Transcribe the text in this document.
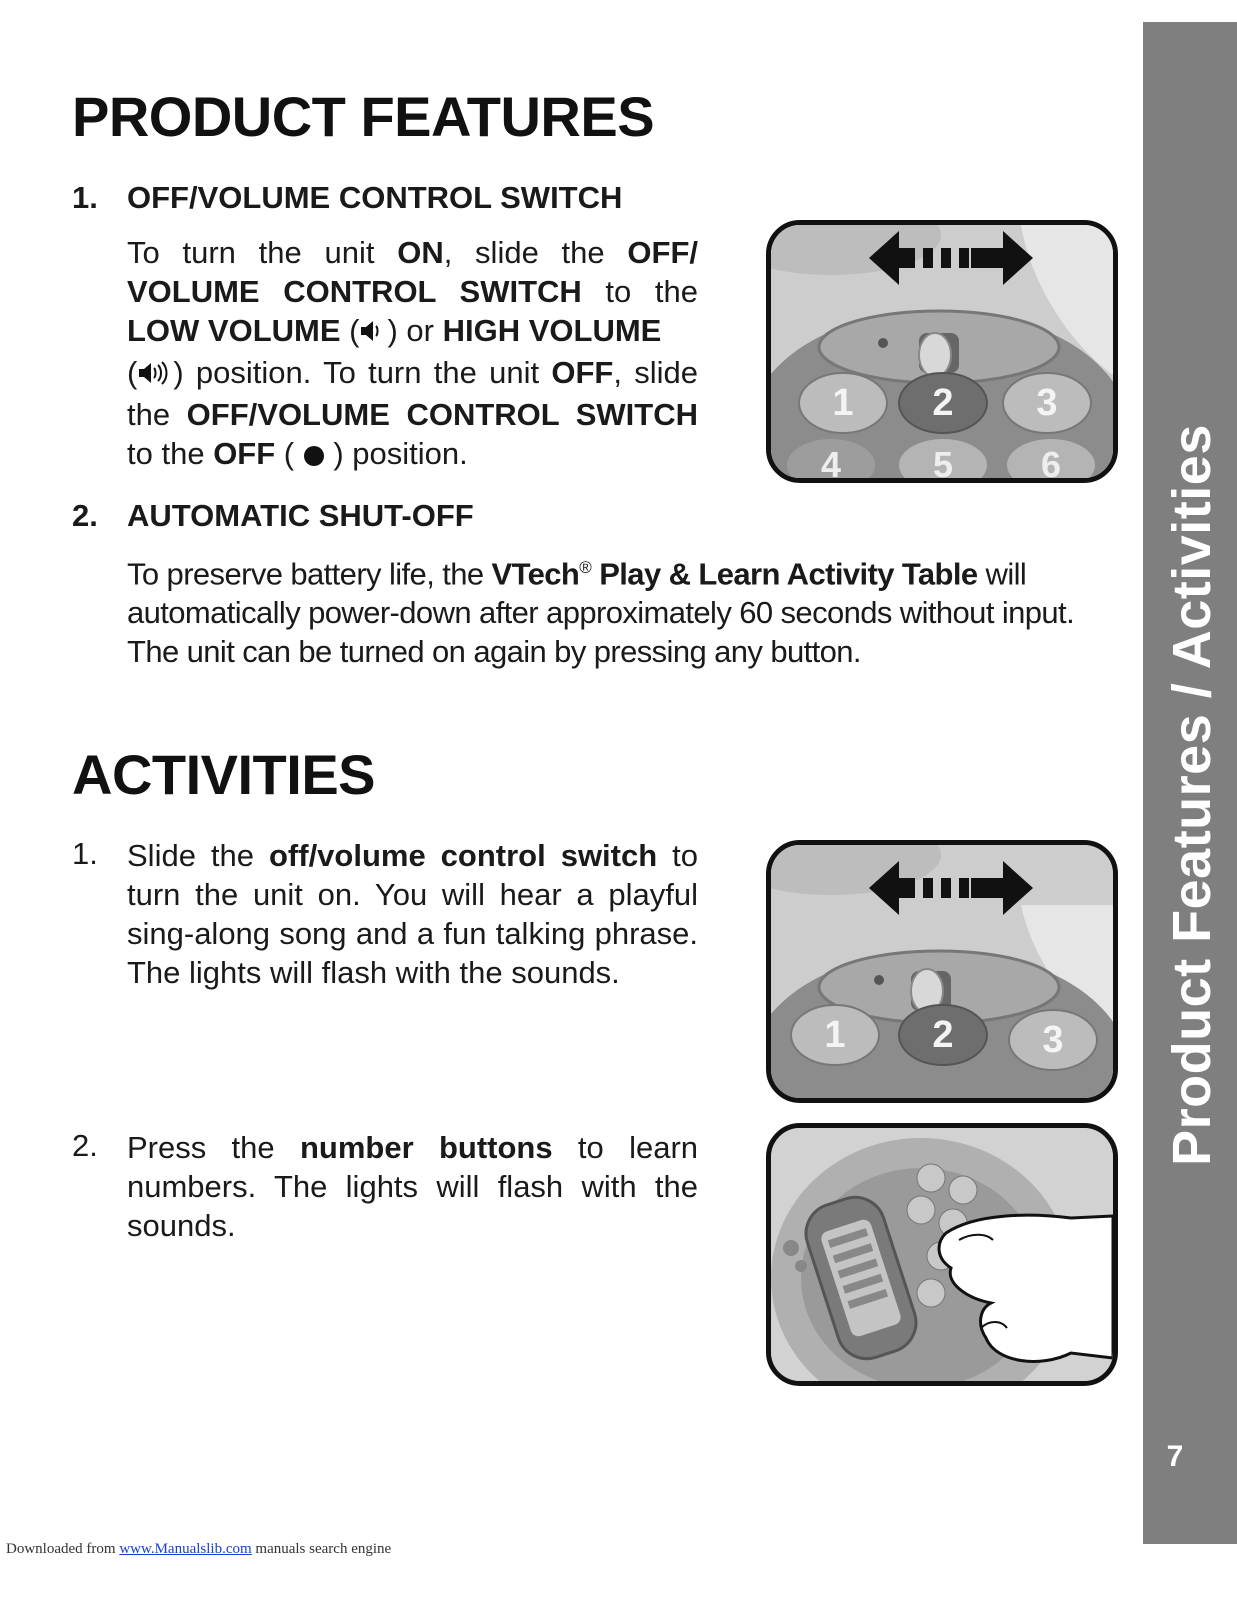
Product Features / Activities
7
PRODUCT FEATURES
1. OFF/VOLUME CONTROL SWITCH
To turn the unit ON, slide the OFF/ VOLUME CONTROL SWITCH to the LOW VOLUME ( ) or HIGH VOLUME
( ) position. To turn the unit OFF, slide the OFF/VOLUME CONTROL SWITCH to the OFF (  ) position.
1 2 3
4	5 6
2. AUTOMATIC SHUT-OFF
To preserve battery life, the VTech® Play & Learn Activity Table will automatically power-down after approximately 60 seconds without input. The unit can be turned on again by pressing any button.
ACTIVITIES
1. Slide the off/volume control switch to turn the unit on. You will hear a playful sing-along song and a fun talking phrase. The lights will flash with the sounds.
1 2 3
2. Press the number buttons to learn numbers. The lights will flash with the sounds.
Downloaded from www.Manualslib.com manuals search engine
